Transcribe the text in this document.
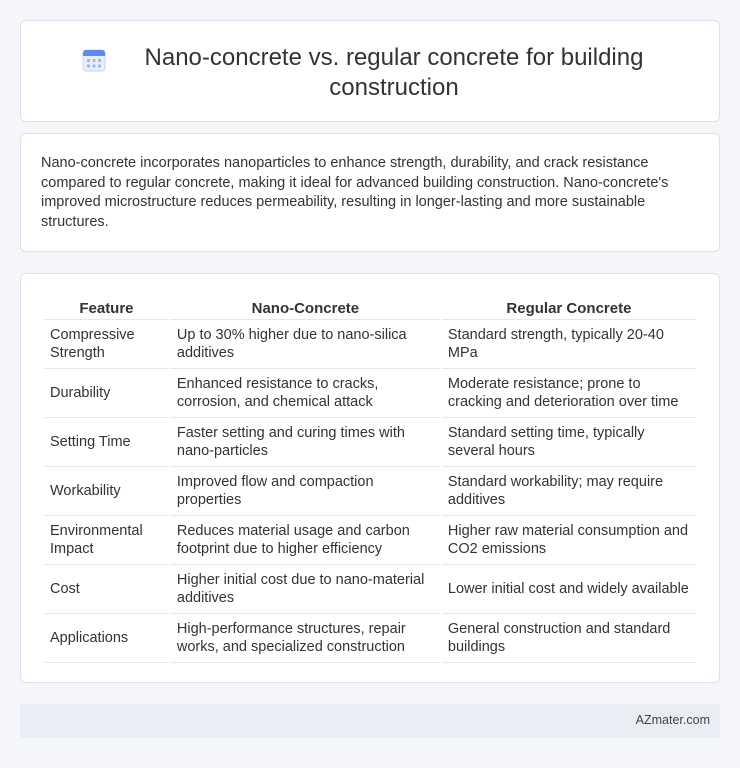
Nano-concrete vs. regular concrete for building construction

Nano-concrete incorporates nanoparticles to enhance strength, durability, and crack resistance compared to regular concrete, making it ideal for advanced building construction. Nano-concrete's improved microstructure reduces permeability, resulting in longer-lasting and more sustainable structures.

Feature	Nano-Concrete	Regular Concrete
Compressive Strength	Up to 30% higher due to nano-silica additives	Standard strength, typically 20-40 MPa
Durability	Enhanced resistance to cracks, corrosion, and chemical attack	Moderate resistance; prone to cracking and deterioration over time
Setting Time	Faster setting and curing times with nano-particles	Standard setting time, typically several hours
Workability	Improved flow and compaction properties	Standard workability; may require additives
Environmental Impact	Reduces material usage and carbon footprint due to higher efficiency	Higher raw material consumption and CO2 emissions
Cost	Higher initial cost due to nano-material additives	Lower initial cost and widely available
Applications	High-performance structures, repair works, and specialized construction	General construction and standard buildings
AZmater.com
